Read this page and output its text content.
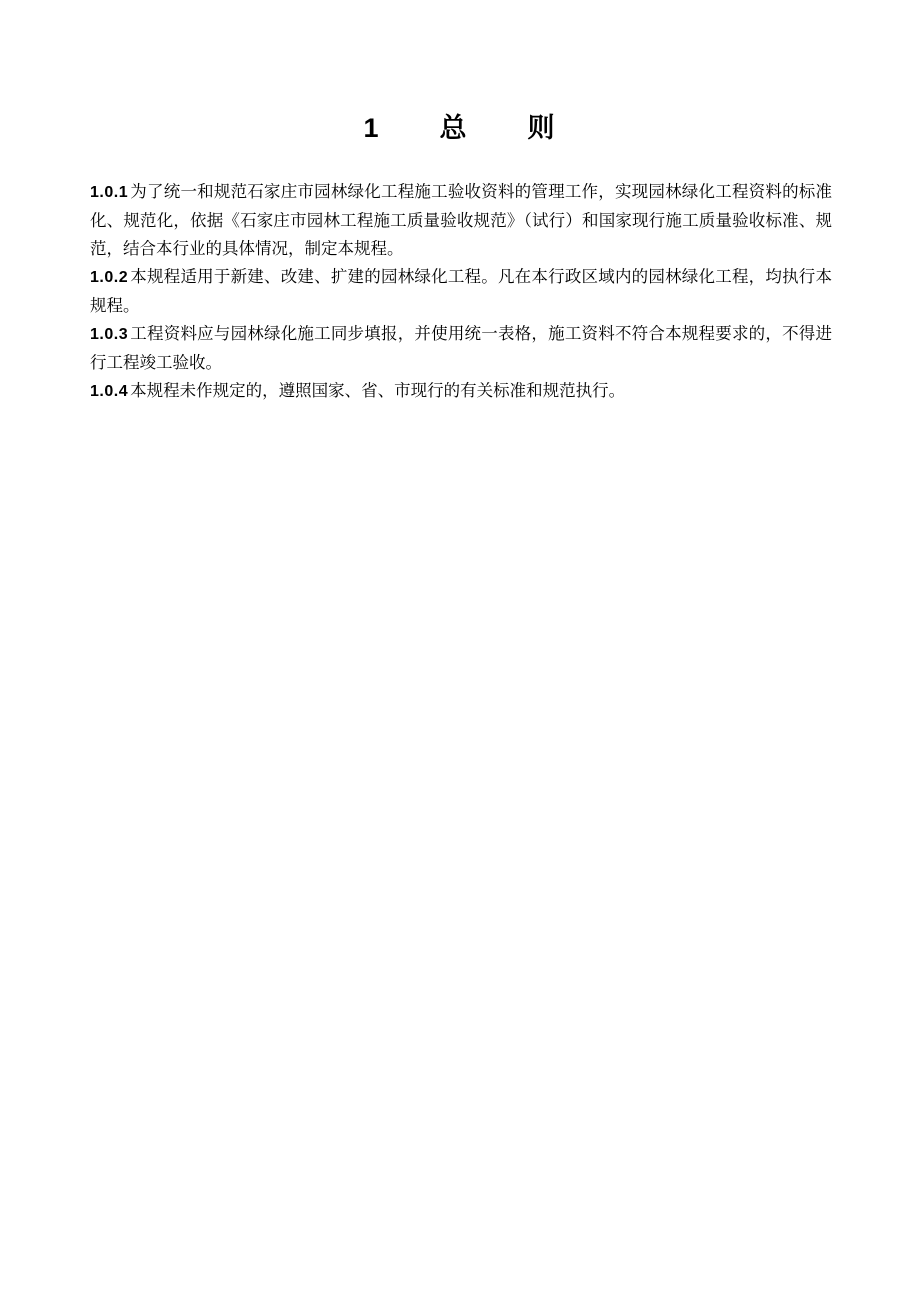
1 总 则

1.0.1 为了统一和规范石家庄市园林绿化工程施工验收资料的管理工作，实现园林绿化工程资料的标准化、规范化，依据《石家庄市园林工程施工质量验收规范》（试行）和国家现行施工质量验收标准、规范，结合本行业的具体情况，制定本规程。

1.0.2 本规程适用于新建、改建、扩建的园林绿化工程。凡在本行政区域内的园林绿化工程，均执行本规程。

1.0.3 工程资料应与园林绿化施工同步填报，并使用统一表格，施工资料不符合本规程要求的，不得进行工程竣工验收。

1.0.4 本规程未作规定的，遵照国家、省、市现行的有关标准和规范执行。
